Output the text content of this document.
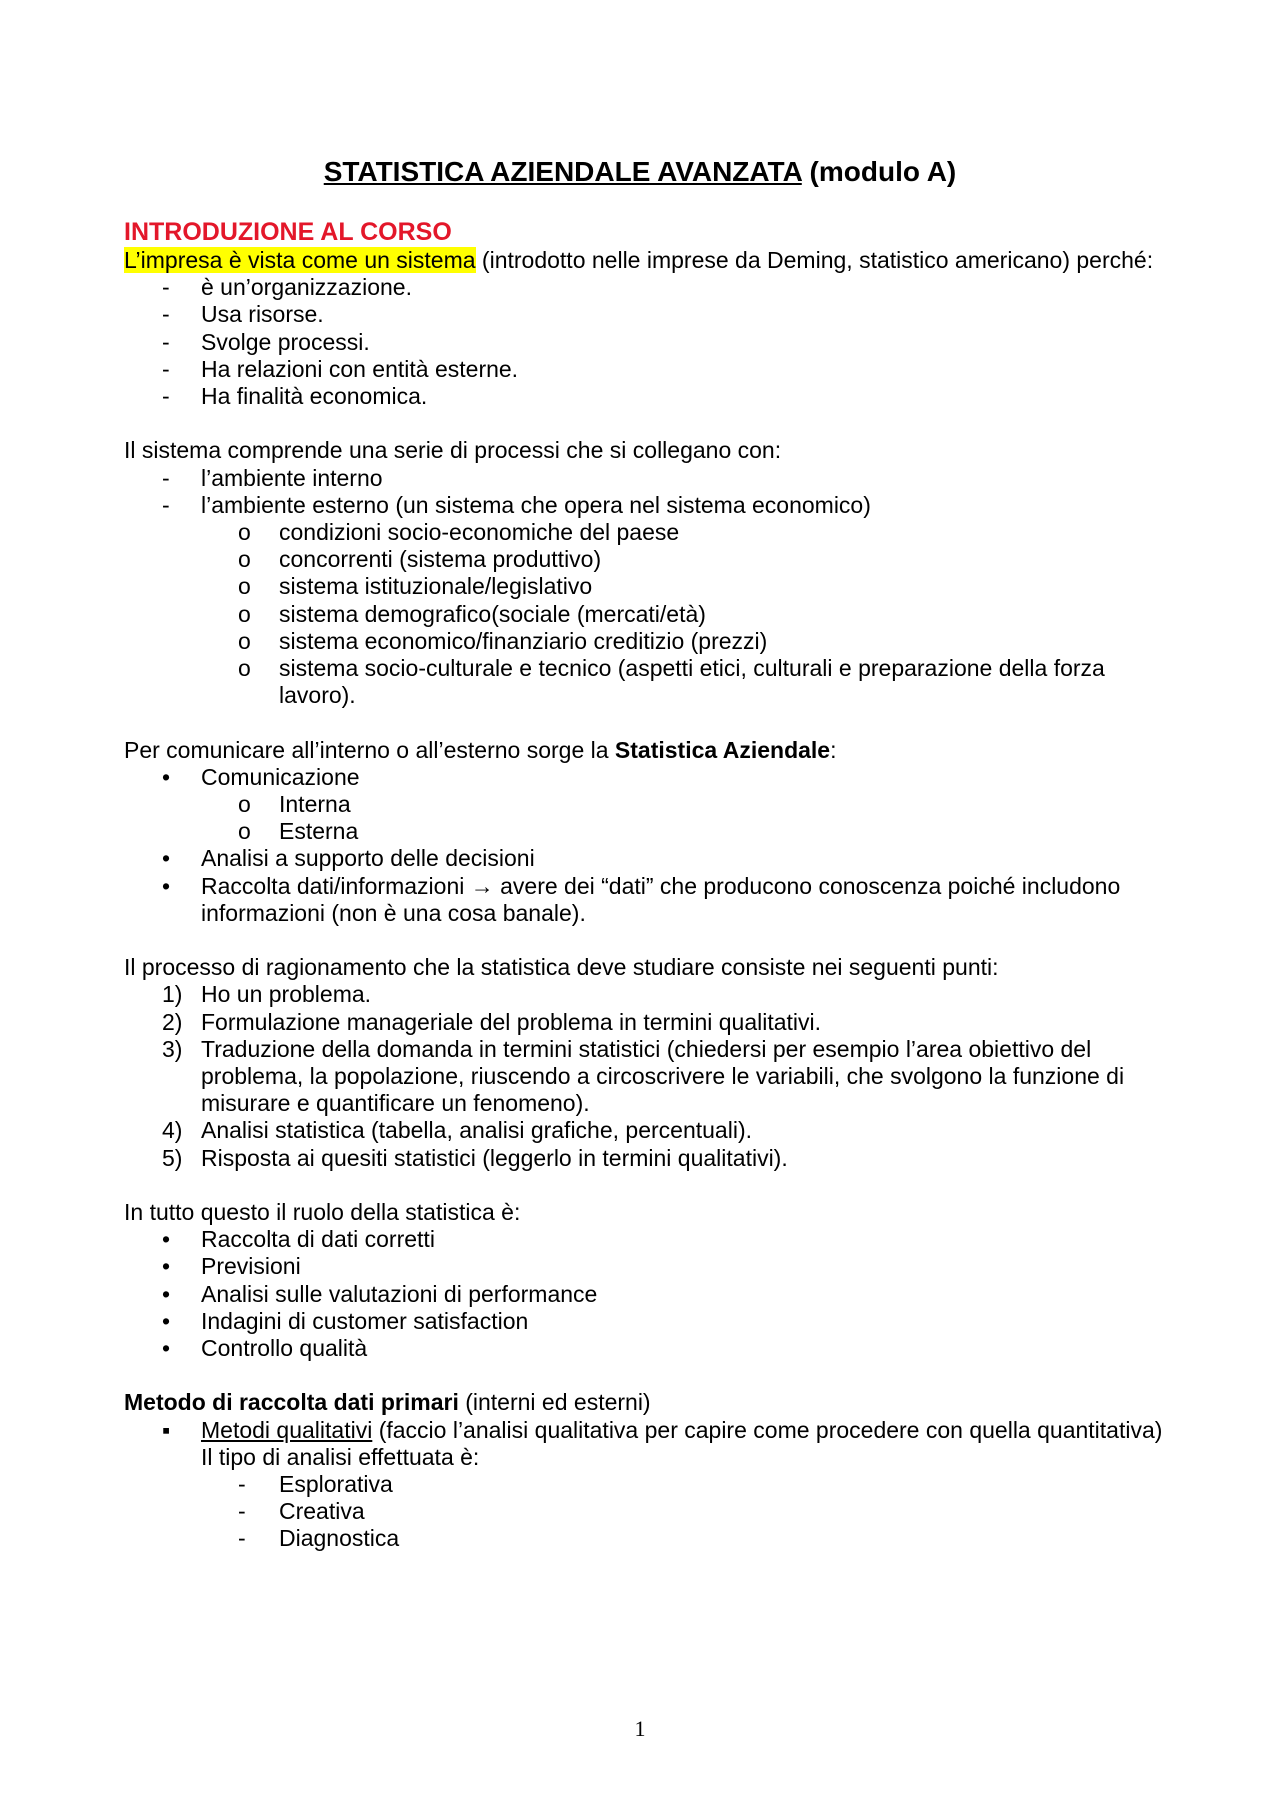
STATISTICA AZIENDALE AVANZATA (modulo A)
INTRODUZIONE AL CORSO
L’impresa è vista come un sistema (introdotto nelle imprese da Deming, statistico americano) perché:
-	è un’organizzazione.
-	Usa risorse.
-	Svolge processi.
-	Ha relazioni con entità esterne.
-	Ha finalità economica.
Il sistema comprende una serie di processi che si collegano con:
-	l’ambiente interno
-	l’ambiente esterno (un sistema che opera nel sistema economico)
o	condizioni socio-economiche del paese
o	concorrenti (sistema produttivo)
o	sistema istituzionale/legislativo
o	sistema demografico(sociale (mercati/età)
o	sistema economico/finanziario creditizio (prezzi)
o	sistema socio-culturale e tecnico (aspetti etici, culturali e preparazione della forza lavoro).
Per comunicare all’interno o all’esterno sorge la Statistica Aziendale:
•	Comunicazione
o	Interna
o	Esterna
•	Analisi a supporto delle decisioni
•	Raccolta dati/informazioni → avere dei “dati” che producono conoscenza poiché includono informazioni (non è una cosa banale).
Il processo di ragionamento che la statistica deve studiare consiste nei seguenti punti:
1) Ho un problema.
2) Formulazione manageriale del problema in termini qualitativi.
3) Traduzione della domanda in termini statistici (chiedersi per esempio l’area obiettivo del problema, la popolazione, riuscendo a circoscrivere le variabili, che svolgono la funzione di misurare e quantificare un fenomeno).
4) Analisi statistica (tabella, analisi grafiche, percentuali).
5) Risposta ai quesiti statistici (leggerlo in termini qualitativi).
In tutto questo il ruolo della statistica è:
•	Raccolta di dati corretti
•	Previsioni
•	Analisi sulle valutazioni di performance
•	Indagini di customer satisfaction
•	Controllo qualità
Metodo di raccolta dati primari (interni ed esterni)
▪	Metodi qualitativi (faccio l’analisi qualitativa per capire come procedere con quella quantitativa)
Il tipo di analisi effettuata è:
-	Esplorativa
-	Creativa
-	Diagnostica
1
